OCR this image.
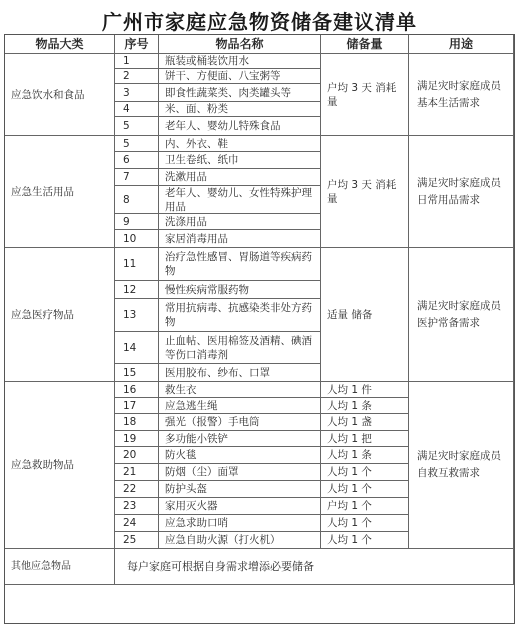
广州市家庭应急物资储备建议清单
物品大类	序号	物品名称	储备量	用途
应急饮水和食品
1	瓶装或桶装饮用水
2	饼干、方便面、八宝粥等
3	即食性蔬菜类、肉类罐头等
4	米、面、粉类
5	老年人、婴幼儿特殊食品
户均 3 天 消耗量
满足灾时家庭成员基本生活需求
应急生活用品
5	内、外衣、鞋
6	卫生卷纸、纸巾
7	洗漱用品
8
老年人、婴幼儿、女性特殊护理用品
9	洗涤用品
10	家居消毒用品
户均 3 天 消耗量
满足灾时家庭成员日常用品需求
应急医疗物品
11
治疗急性感冒、胃肠道等疾病药物
12	慢性疾病常服药物
13
常用抗病毒、抗感染类非处方药物
14
止血帖、医用棉签及酒精、碘酒等伤口消毒剂
15	医用胶布、纱布、口罩
适量 储备
满足灾时家庭成员医护常备需求
应急救助物品
16	救生衣	人均 1 件
17	应急逃生绳	人均 1 条
18	强光（报警）手电筒	人均 1 盏
19	多功能小铁铲	人均 1 把
20	防火毯	人均 1 条
21	防烟（尘）面罩	人均 1 个
22	防护头盔	人均 1 个
23	家用灭火器	户均 1 个
24	应急求助口哨	人均 1 个
25	应急自助火源（打火机）	人均 1 个
满足灾时家庭成员自救互救需求
其他应急物品	每户家庭可根据自身需求增添必要储备
